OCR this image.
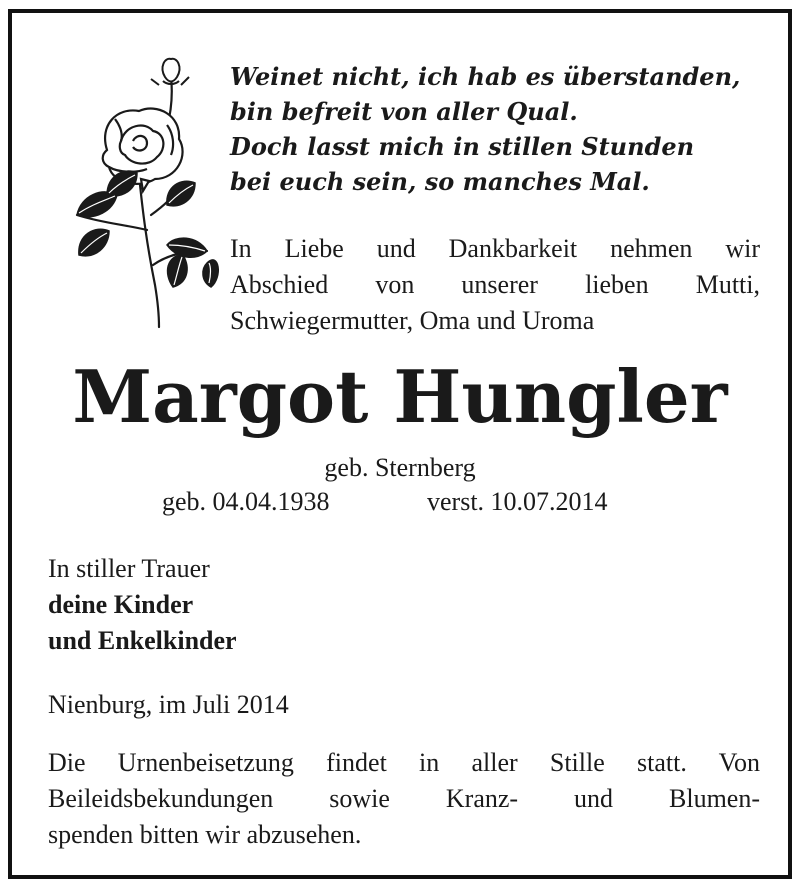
Weinet nicht, ich hab es überstanden,
bin befreit von aller Qual.
Doch lasst mich in stillen Stunden
bei euch sein, so manches Mal.
In Liebe und Dankbarkeit nehmen wir
Abschied von unserer lieben Mutti,
Schwiegermutter, Oma und Uroma
Margot Hungler
geb. Sternberg
geb. 04.04.1938	verst. 10.07.2014
In stiller Trauer
deine Kinder
und Enkelkinder
Nienburg, im Juli 2014
Die Urnenbeisetzung findet in aller Stille statt. Von
Beileidsbekundungen sowie Kranz- und Blumen-
spenden bitten wir abzusehen.
